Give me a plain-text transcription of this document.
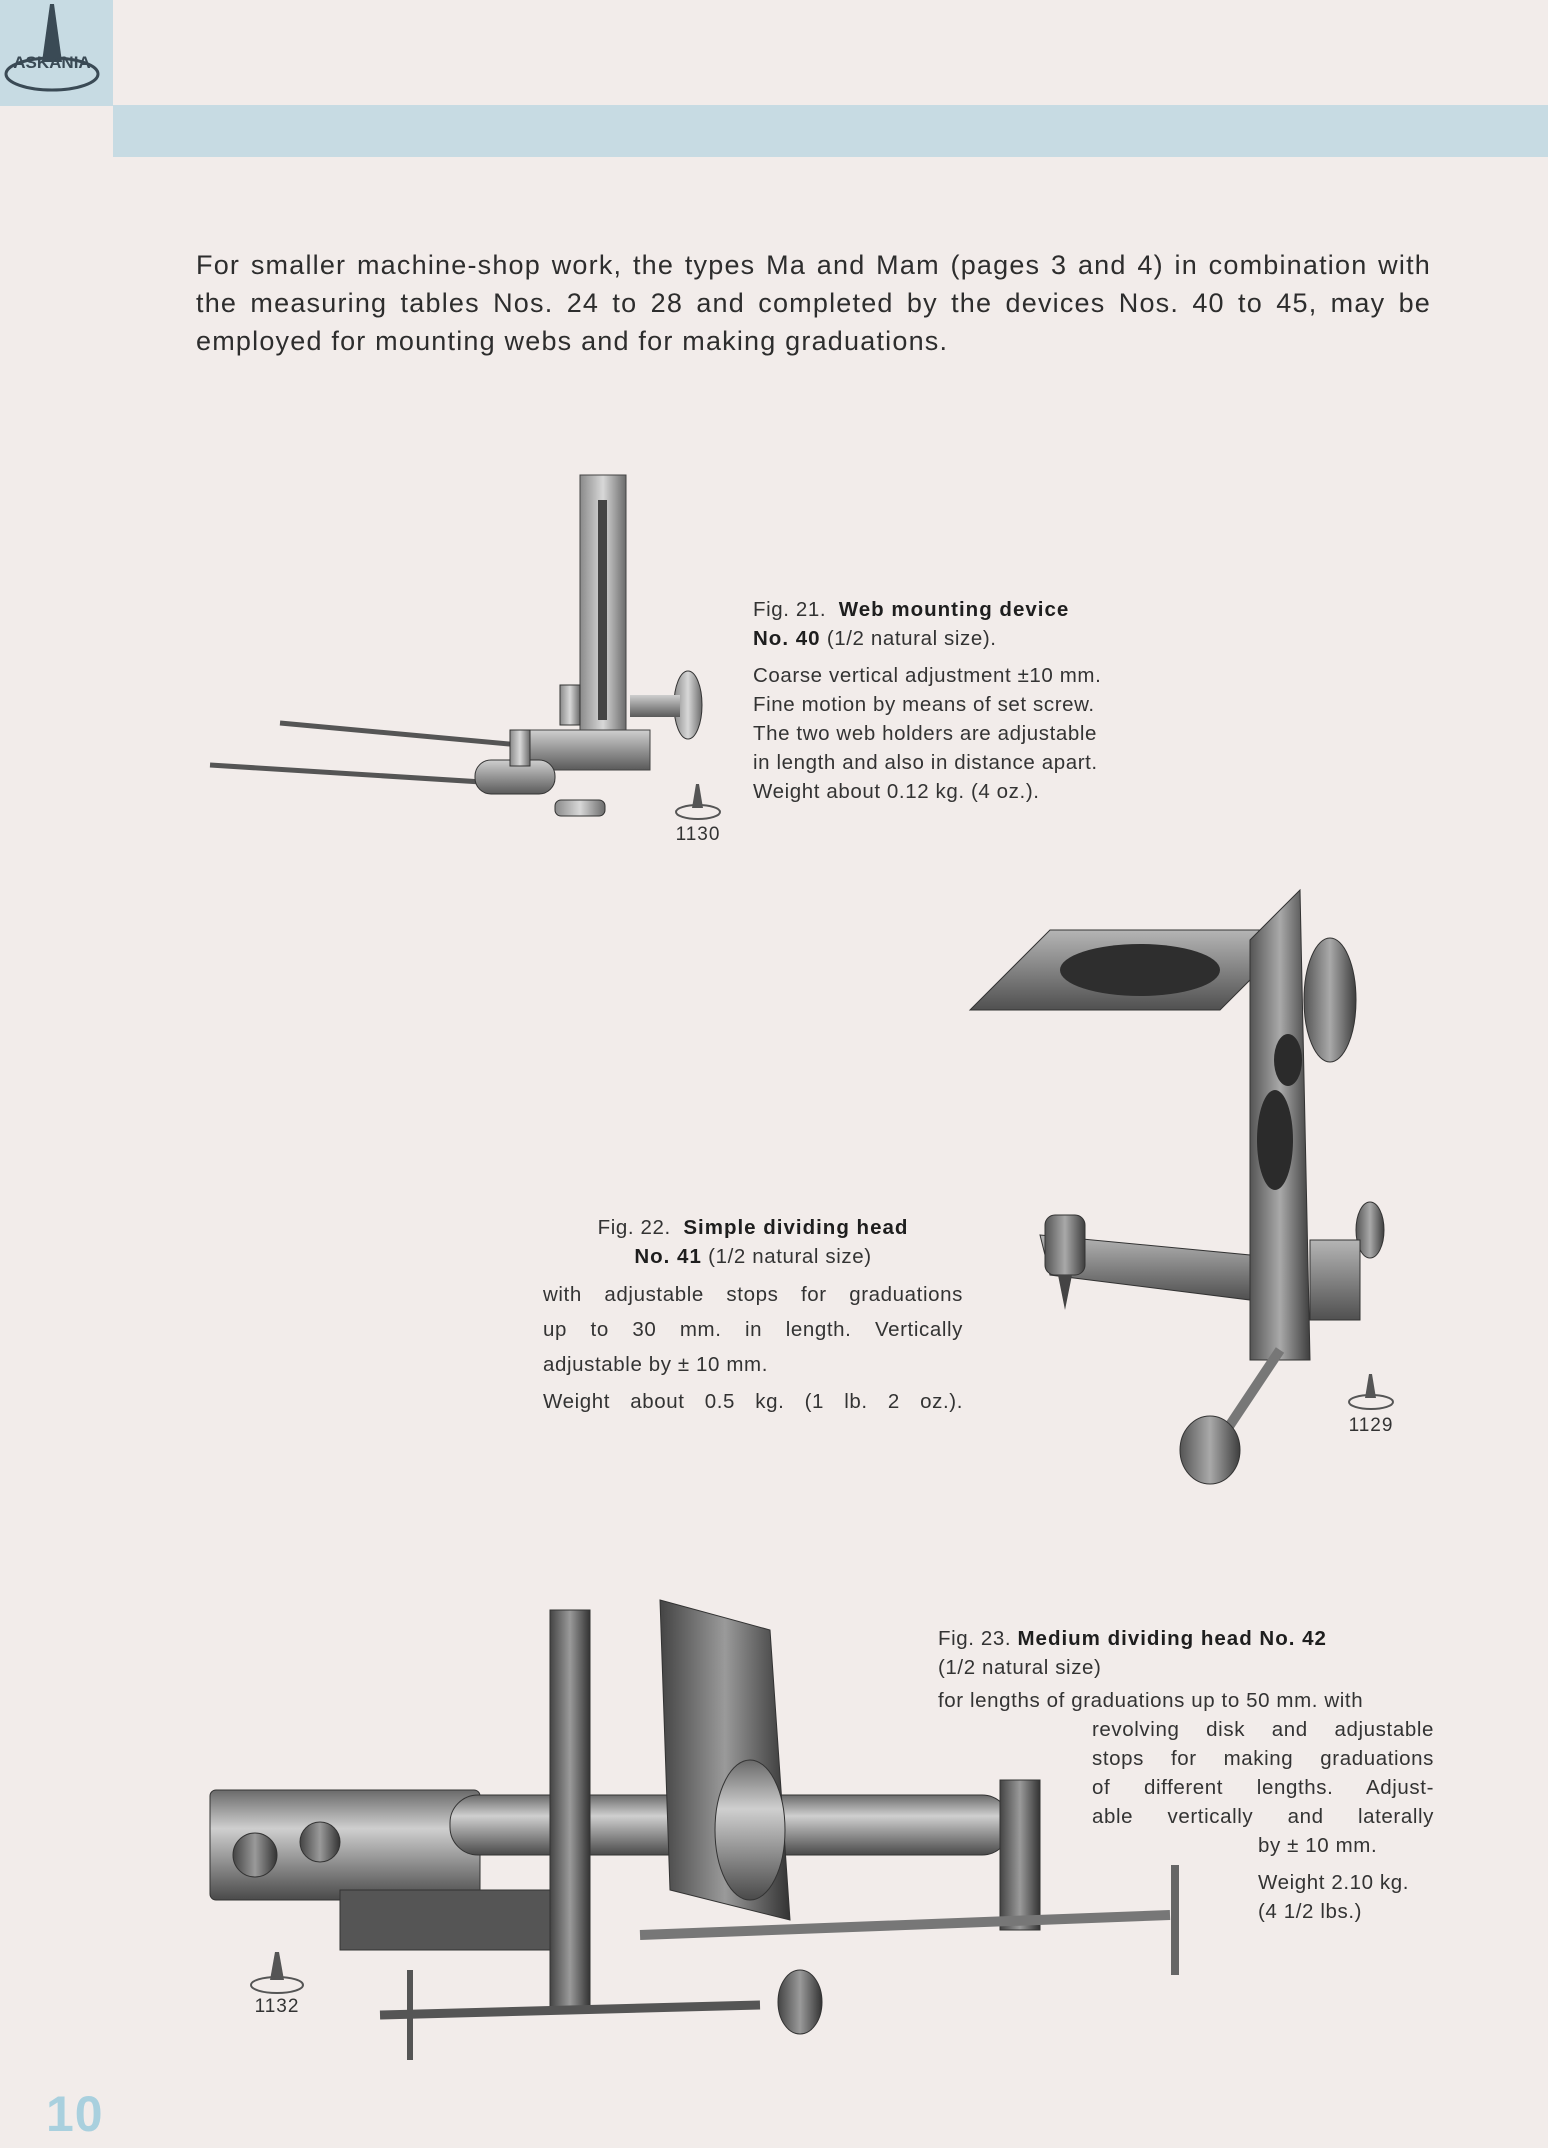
ASKANIA
For smaller machine-shop work, the types Ma and Mam (pages 3 and 4) in combination with the measuring tables Nos. 24 to 28 and completed by the devices Nos. 40 to 45, may be employed for mounting webs and for making graduations.
1130
Fig. 21. Web mounting device
No. 40 (1/2 natural size).
Coarse vertical adjustment ±10 mm.
Fine motion by means of set screw.
The two web holders are adjustable
in length and also in distance apart.
Weight about 0.12 kg. (4 oz.).
Fig. 22. Simple dividing head
No. 41 (1/2 natural size)
with adjustable stops for graduations
up to 30 mm. in length. Vertically
adjustable by ± 10 mm.
Weight about 0.5 kg. (1 lb. 2 oz.).
1129
1132
Fig. 23. Medium dividing head No. 42
(1/2 natural size)
for lengths of graduations up to 50 mm. with
revolving disk and adjustable
stops for making graduations
of different lengths. Adjust-
able vertically and laterally
by ± 10 mm.
Weight 2.10 kg.
(4 1/2 lbs.)
10
